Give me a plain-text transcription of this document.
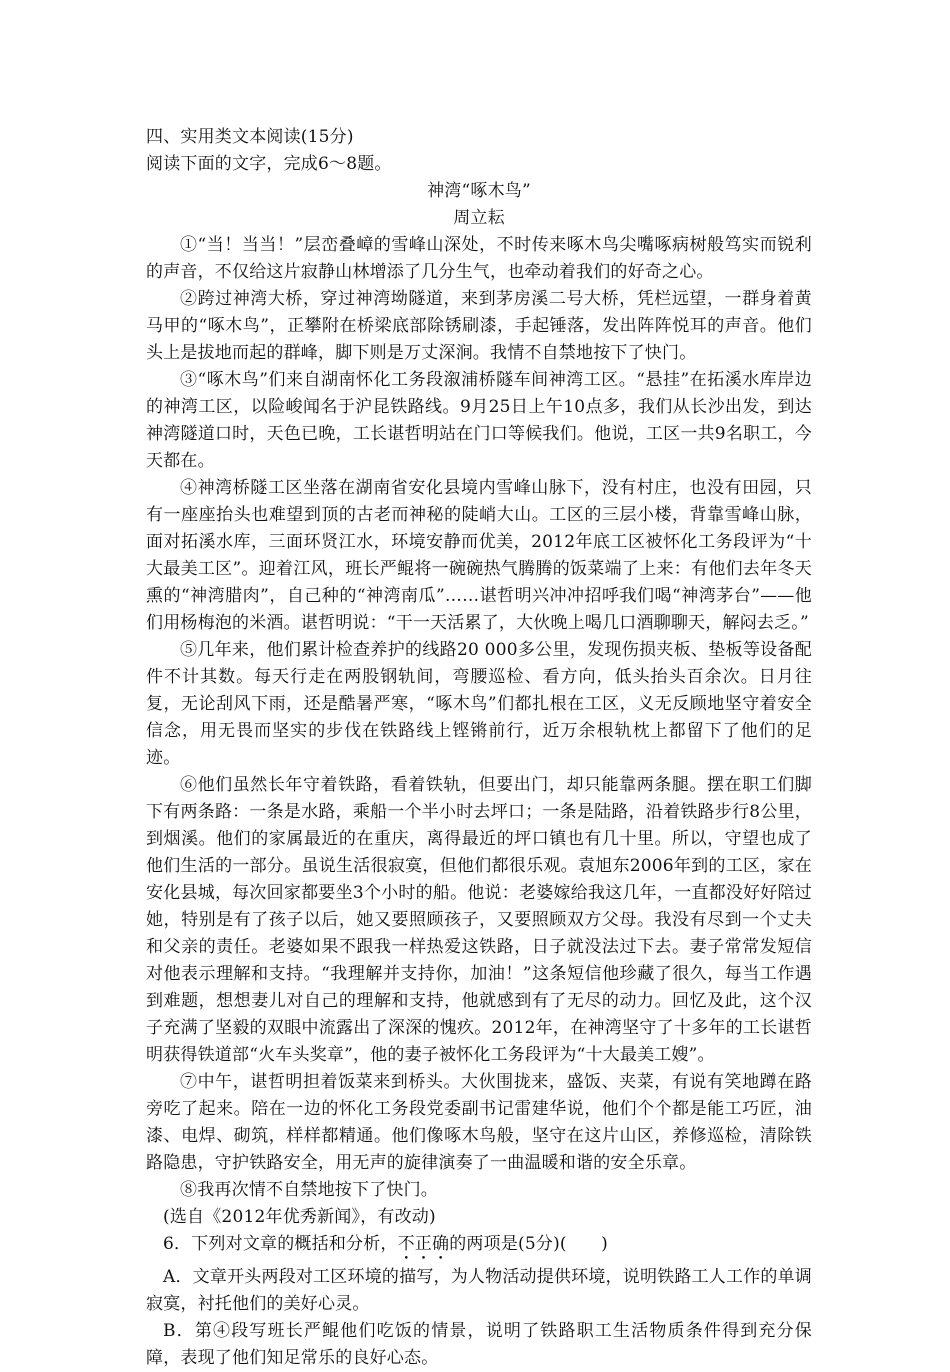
四、实用类文本阅读(15分)

阅读下面的文字，完成6～8题。

神湾“啄木鸟”

周立耘

①“当！当当！”层峦叠嶂的雪峰山深处，不时传来啄木鸟尖嘴啄病树般笃实而锐利的声音，不仅给这片寂静山林增添了几分生气，也牵动着我们的好奇之心。

②跨过神湾大桥，穿过神湾坳隧道，来到茅房溪二号大桥，凭栏远望，一群身着黄马甲的“啄木鸟”，正攀附在桥梁底部除锈刷漆，手起锤落，发出阵阵悦耳的声音。他们头上是拔地而起的群峰，脚下则是万丈深涧。我情不自禁地按下了快门。

③“啄木鸟”们来自湖南怀化工务段溆浦桥隧车间神湾工区。“悬挂”在拓溪水库岸边的神湾工区，以险峻闻名于沪昆铁路线。9月25日上午10点多，我们从长沙出发，到达神湾隧道口时，天色已晚，工长谌哲明站在门口等候我们。他说，工区一共9名职工，今天都在。

④神湾桥隧工区坐落在湖南省安化县境内雪峰山脉下，没有村庄，也没有田园，只有一座座抬头也难望到顶的古老而神秘的陡峭大山。工区的三层小楼，背靠雪峰山脉，面对拓溪水库，三面环贤江水，环境安静而优美，2012年底工区被怀化工务段评为“十大最美工区”。迎着江风，班长严鲲将一碗碗热气腾腾的饭菜端了上来：有他们去年冬天熏的“神湾腊肉”，自己种的“神湾南瓜”……谌哲明兴冲冲招呼我们喝“神湾茅台”——他们用杨梅泡的米酒。谌哲明说：“干一天活累了，大伙晚上喝几口酒聊聊天，解闷去乏。”

⑤几年来，他们累计检查养护的线路20 000多公里，发现伤损夹板、垫板等设备配件不计其数。每天行走在两股钢轨间，弯腰巡检、看方向，低头抬头百余次。日月往复，无论刮风下雨，还是酷暑严寒，“啄木鸟”们都扎根在工区，义无反顾地坚守着安全信念，用无畏而坚实的步伐在铁路线上铿锵前行，近万余根轨枕上都留下了他们的足迹。

⑥他们虽然长年守着铁路，看着铁轨，但要出门，却只能靠两条腿。摆在职工们脚下有两条路：一条是水路，乘船一个半小时去坪口；一条是陆路，沿着铁路步行8公里，到烟溪。他们的家属最近的在重庆，离得最近的坪口镇也有几十里。所以，守望也成了他们生活的一部分。虽说生活很寂寞，但他们都很乐观。袁旭东2006年到的工区，家在安化县城，每次回家都要坐3个小时的船。他说：老婆嫁给我这几年，一直都没好好陪过她，特别是有了孩子以后，她又要照顾孩子，又要照顾双方父母。我没有尽到一个丈夫和父亲的责任。老婆如果不跟我一样热爱这铁路，日子就没法过下去。妻子常常发短信对他表示理解和支持。“我理解并支持你，加油！”这条短信他珍藏了很久，每当工作遇到难题，想想妻儿对自己的理解和支持，他就感到有了无尽的动力。回忆及此，这个汉子充满了坚毅的双眼中流露出了深深的愧疚。2012年，在神湾坚守了十多年的工长谌哲明获得铁道部“火车头奖章”，他的妻子被怀化工务段评为“十大最美工嫂”。

⑦中午，谌哲明担着饭菜来到桥头。大伙围拢来，盛饭、夹菜，有说有笑地蹲在路旁吃了起来。陪在一边的怀化工务段党委副书记雷建华说，他们个个都是能工巧匠，油漆、电焊、砌筑，样样都精通。他们像啄木鸟般，坚守在这片山区，养修巡检，清除铁路隐患，守护铁路安全，用无声的旋律演奏了一曲温暖和谐的安全乐章。

⑧我再次情不自禁地按下了快门。

(选自《2012年优秀新闻》，有改动)

6．下列对文章的概括和分析，不正确的两项是(5分)(　　)

A．文章开头两段对工区环境的描写，为人物活动提供环境，说明铁路工人工作的单调寂寞，衬托他们的美好心灵。

B．第④段写班长严鲲他们吃饭的情景，说明了铁路职工生活物质条件得到充分保障，表现了他们知足常乐的良好心态。
